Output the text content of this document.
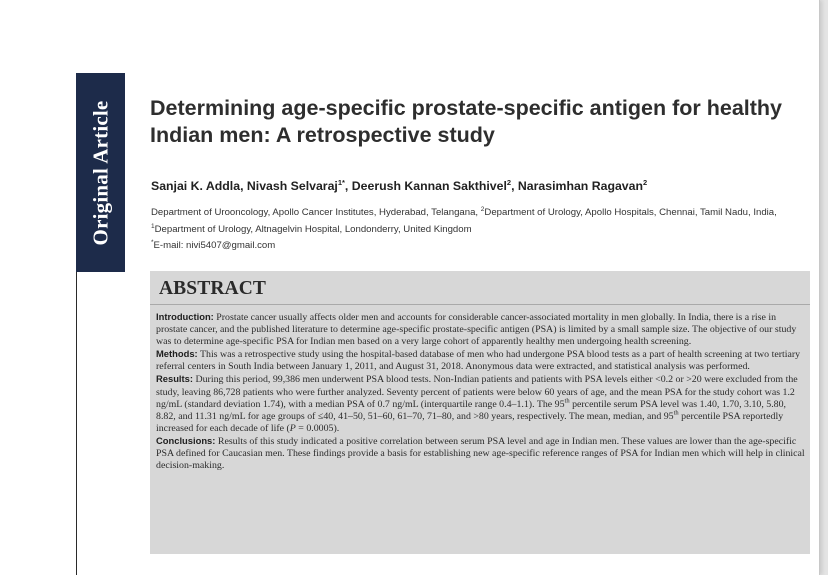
Original Article Determining age-specific prostate-specific antigen for healthy Indian men: A retrospective study
Sanjai K. Addla, Nivash Selvaraj$^{1*}$, Deerush Kannan Sakthivel$^2$, Narasimhan Ragavan$^2$
Department of Urooncology, Apollo Cancer Institutes, Hyderabad, Telangana, $^2$Department of Urology, Apollo Hospitals, Chennai, Tamil Nadu, India, $^1$Department of Urology, Altnagelvin Hospital, Londonderry, United Kingdom
*E-mail: nivi5407@gmail.com
ABSTRACT

Introduction: Prostate cancer usually affects older men and accounts for considerable cancer-associated mortality in men globally. In India, there is a rise in prostate cancer, and the published literature to determine age-specific prostate-specific antigen (PSA) is limited by a small sample size. The objective of our study was to determine age-specific PSA for Indian men based on a very large cohort of apparently healthy men undergoing health screening.

Methods: This was a retrospective study using the hospital-based database of men who had undergone PSA blood tests as a part of health screening at two tertiary referral centers in South India between January 1, 2011, and August 31, 2018. Anonymous data were extracted, and statistical analysis was performed.

Results: During this period, 99,386 men underwent PSA blood tests. Non-Indian patients and patients with PSA levels either <0.2 or >20 were excluded from the study, leaving 86,728 patients who were further analyzed. Seventy percent of patients were below 60 years of age, and the mean PSA for the study cohort was 1.2 ng/mL (standard deviation 1.74), with a median PSA of 0.7 ng/mL (interquartile range 0.4–1.1). The 95th percentile serum PSA level was 1.40, 1.70, 3.10, 5.80, 8.82, and 11.31 ng/mL for age groups of ≤40, 41–50, 51–60, 61–70, 71–80, and >80 years, respectively. The mean, median, and 95th percentile PSA reportedly increased for each decade of life (P = 0.0005).

Conclusions: Results of this study indicated a positive correlation between serum PSA level and age in Indian men. These values are lower than the age-specific PSA defined for Caucasian men. These findings provide a basis for establishing new age-specific reference ranges of PSA for Indian men which will help in clinical decision-making.
